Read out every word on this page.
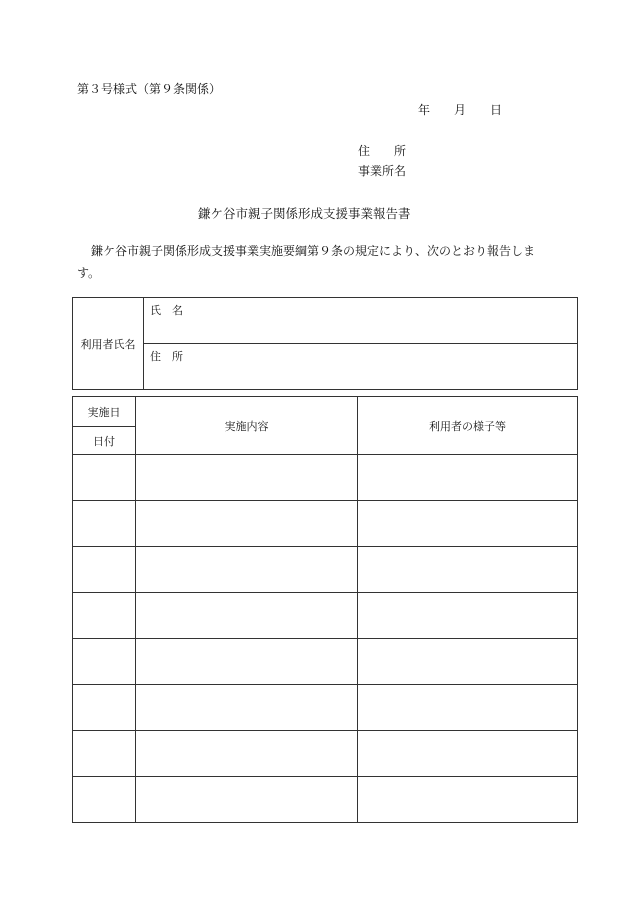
第３号様式（第９条関係）
年 月 日
住　　所
事業所名
鎌ケ谷市親子関係形成支援事業報告書
鎌ケ谷市親子関係形成支援事業実施要綱第９条の規定により、次のとおり報告します。
利用者氏名	氏　名
住　所
実施日	実施内容	利用者の様子等
日付		
